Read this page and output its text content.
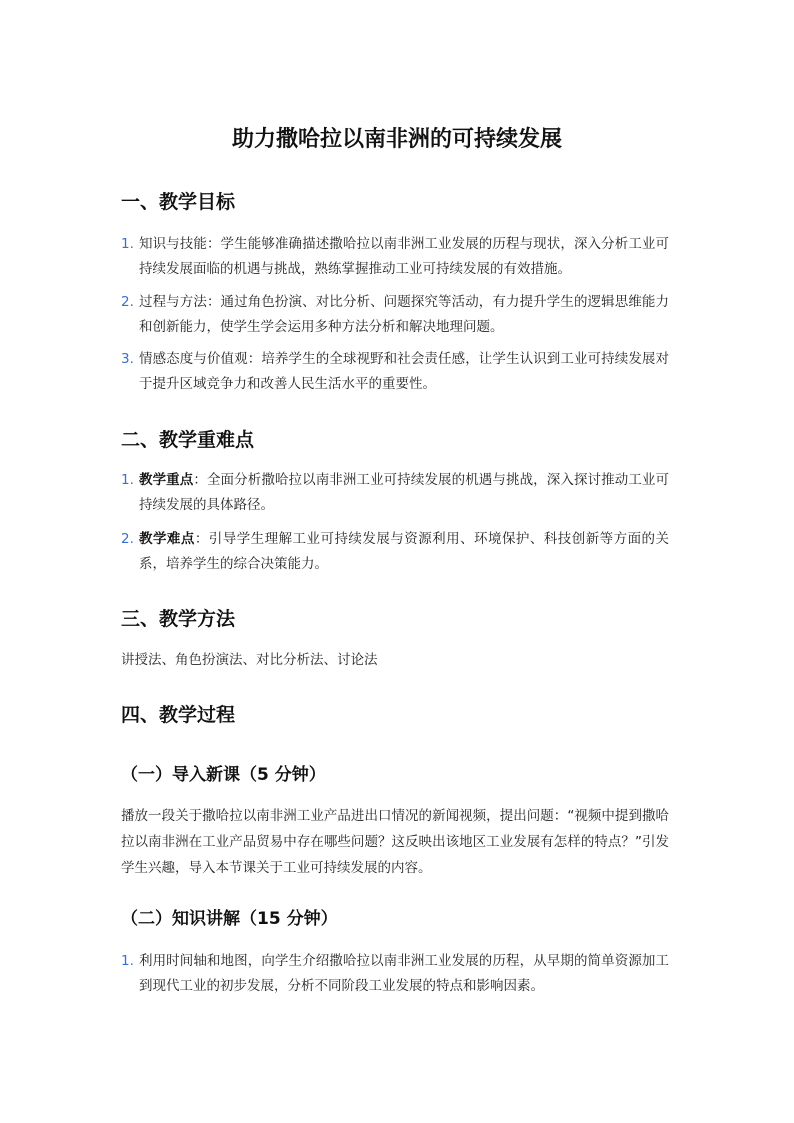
助力撒哈拉以南非洲的可持续发展
一、教学目标
1. 知识与技能：学生能够准确描述撒哈拉以南非洲工业发展的历程与现状，深入分析工业可持续发展面临的机遇与挑战，熟练掌握推动工业可持续发展的有效措施。
2. 过程与方法：通过角色扮演、对比分析、问题探究等活动，有力提升学生的逻辑思维能力和创新能力，使学生学会运用多种方法分析和解决地理问题。
3. 情感态度与价值观：培养学生的全球视野和社会责任感，让学生认识到工业可持续发展对于提升区域竞争力和改善人民生活水平的重要性。
二、教学重难点
1. 教学重点：全面分析撒哈拉以南非洲工业可持续发展的机遇与挑战，深入探讨推动工业可持续发展的具体路径。
2. 教学难点：引导学生理解工业可持续发展与资源利用、环境保护、科技创新等方面的关系，培养学生的综合决策能力。
三、教学方法
讲授法、角色扮演法、对比分析法、讨论法
四、教学过程
（一）导入新课（5 分钟）
播放一段关于撒哈拉以南非洲工业产品进出口情况的新闻视频，提出问题：“视频中提到撒哈拉以南非洲在工业产品贸易中存在哪些问题？这反映出该地区工业发展有怎样的特点？”引发学生兴趣，导入本节课关于工业可持续发展的内容。
（二）知识讲解（15 分钟）
1. 利用时间轴和地图，向学生介绍撒哈拉以南非洲工业发展的历程，从早期的简单资源加工到现代工业的初步发展，分析不同阶段工业发展的特点和影响因素。
